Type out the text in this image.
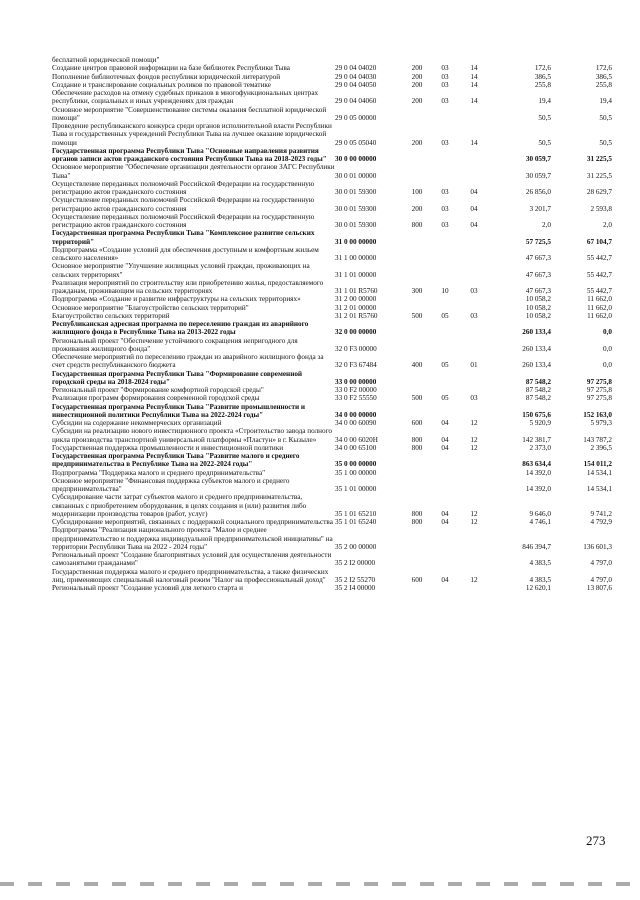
бесплатной юридической помощи"						
Создание центров правовой информации на базе библиотек Республики Тыва	29 0 04 04020	200	03	14	172,6	172,6
Пополнение библиотечных фондов республики юридической литературой	29 0 04 04030	200	03	14	386,5	386,5
Создание и транслирование социальных роликов по правовой тематике	29 0 04 04050	200	03	14	255,8	255,8
Обеспечение расходов на отмену судебных приказов в многофункциональных центрах республики, социальных и иных учреждениях для граждан	29 0 04 04060	200	03	14	19,4	19,4
Основное мероприятие "Совершенствование системы оказания бесплатной юридической помощи"	29 0 05 00000				50,5	50,5
Проведение республиканского конкурса среди органов исполнительной власти Республики Тыва и государственных учреждений Республики Тыва на лучшее оказание юридической помощи	29 0 05 05040	200	03	14	50,5	50,5
Государственная программа Республики Тыва "Основные направления развития органов записи актов гражданского состояния Республики Тыва на 2018-2023 годы"	30 0 00 00000				30 059,7	31 225,5
Основное мероприятие "Обеспечение организации деятельности органов ЗАГС Республики Тыва"	30 0 01 00000				30 059,7	31 225,5
Осуществление переданных полномочий Российской Федерации на государственную регистрацию актов гражданского состояния	30 0 01 59300	100	03	04	26 856,0	28 629,7
Осуществление переданных полномочий Российской Федерации на государственную регистрацию актов гражданского состояния	30 0 01 59300	200	03	04	3 201,7	2 593,8
Осуществление переданных полномочий Российской Федерации на государственную регистрацию актов гражданского состояния	30 0 01 59300	800	03	04	2,0	2,0
Государственная программа Республики Тыва "Комплексное развитие сельских территорий"	31 0 00 00000				57 725,5	67 104,7
Подпрограмма «Создание условий для обеспечения доступным и комфортным жильем сельского населения»	31 1 00 00000				47 667,3	55 442,7
Основное мероприятие "Улучшение жилищных условий граждан, проживающих на сельских территориях"	31 1 01 00000				47 667,3	55 442,7
Реализация мероприятий по строительству или приобретению жилья, предоставляемого гражданам, проживающим на сельских территориях	31 1 01 R5760	300	10	03	47 667,3	55 442,7
Подпрограмма «Создание и развитие инфраструктуры на сельских территориях»	31 2 00 00000				10 058,2	11 662,0
Основное мероприятие "Благоустройство сельских территорий"	31 2 01 00000				10 058,2	11 662,0
Благоустройство сельских территорий	31 2 01 R5760	500	05	03	10 058,2	11 662,0
Республиканская адресная программа по переселению граждан из аварийного жилищного фонда в Республике Тыва на 2013-2022 годы	32 0 00 00000				260 133,4	0,0
Региональный проект "Обеспечение устойчивого сокращения непригодного для проживания жилищного фонда"	32 0 F3 00000				260 133,4	0,0
Обеспечение мероприятий по переселению граждан из аварийного жилищного фонда за счет средств республиканского бюджета	32 0 F3 67484	400	05	01	260 133,4	0,0
Государственная программа Республики Тыва "Формирование современной городской среды на 2018-2024 годы"	33 0 00 00000				87 548,2	97 275,8
Региональный проект "Формирование комфортной городской среды"	33 0 F2 00000				87 548,2	97 275,8
Реализация программ формирования современной городской среды	33 0 F2 55550	500	05	03	87 548,2	97 275,8
Государственная программа Республики Тыва "Развитие промышленности и инвестиционной политики Республики Тыва на 2022-2024 годы"	34 0 00 00000				150 675,6	152 163,0
Субсидии на содержание некоммерческих организаций	34 0 00 60090	600	04	12	5 920,9	5 979,3
Субсидии на реализацию нового инвестиционного проекта «Строительство завода полного цикла производства транспортной универсальной платформы «Пластун» в г. Кызыле»	34 0 00 6020Н	800	04	12	142 381,7	143 787,2
Государственная поддержка промышленности и инвестиционной политики	34 0 00 65100	800	04	12	2 373,0	2 396,5
Государственная программа Республики Тыва "Развитие малого и среднего предпринимательства в Республике Тыва на 2022-2024 годы"	35 0 00 00000				863 634,4	154 011,2
Подпрограмма "Поддержка малого и среднего предпринимательства"	35 1 00 00000				14 392,0	14 534,1
Основное мероприятие "Финансовая поддержка субъектов малого и среднего предпринимательства"	35 1 01 00000				14 392,0	14 534,1
Субсидирование части затрат субъектов малого и среднего предпринимательства, связанных с приобретением оборудования, в целях создания и (или) развития либо модернизации производства товаров (работ, услуг)	35 1 01 65210	800	04	12	9 646,0	9 741,2
Субсидирование мероприятий, связанных с поддержкой социального предпринимательства	35 1 01 65240	800	04	12	4 746,1	4 792,9
Подпрограмма "Реализация национального проекта "Малое и среднее предпринимательство и поддержка индивидуальной предпринимательской инициативы" на территории Республики Тыва на 2022 - 2024 годы"	35 2 00 00000				846 394,7	136 601,3
Региональный проект "Создание благоприятных условий для осуществления деятельности самозанятыми гражданами"	35 2 I2 00000				4 383,5	4 797,0
Государственная поддержка малого и среднего предпринимательства, а также физических лиц, применяющих специальный налоговый режим "Налог на профессиональный доход"	35 2 I2 55270	600	04	12	4 383,5	4 797,0
Региональный проект "Создание условий для легкого старта и	35 2 I4 00000				12 620,1	13 807,6
273
